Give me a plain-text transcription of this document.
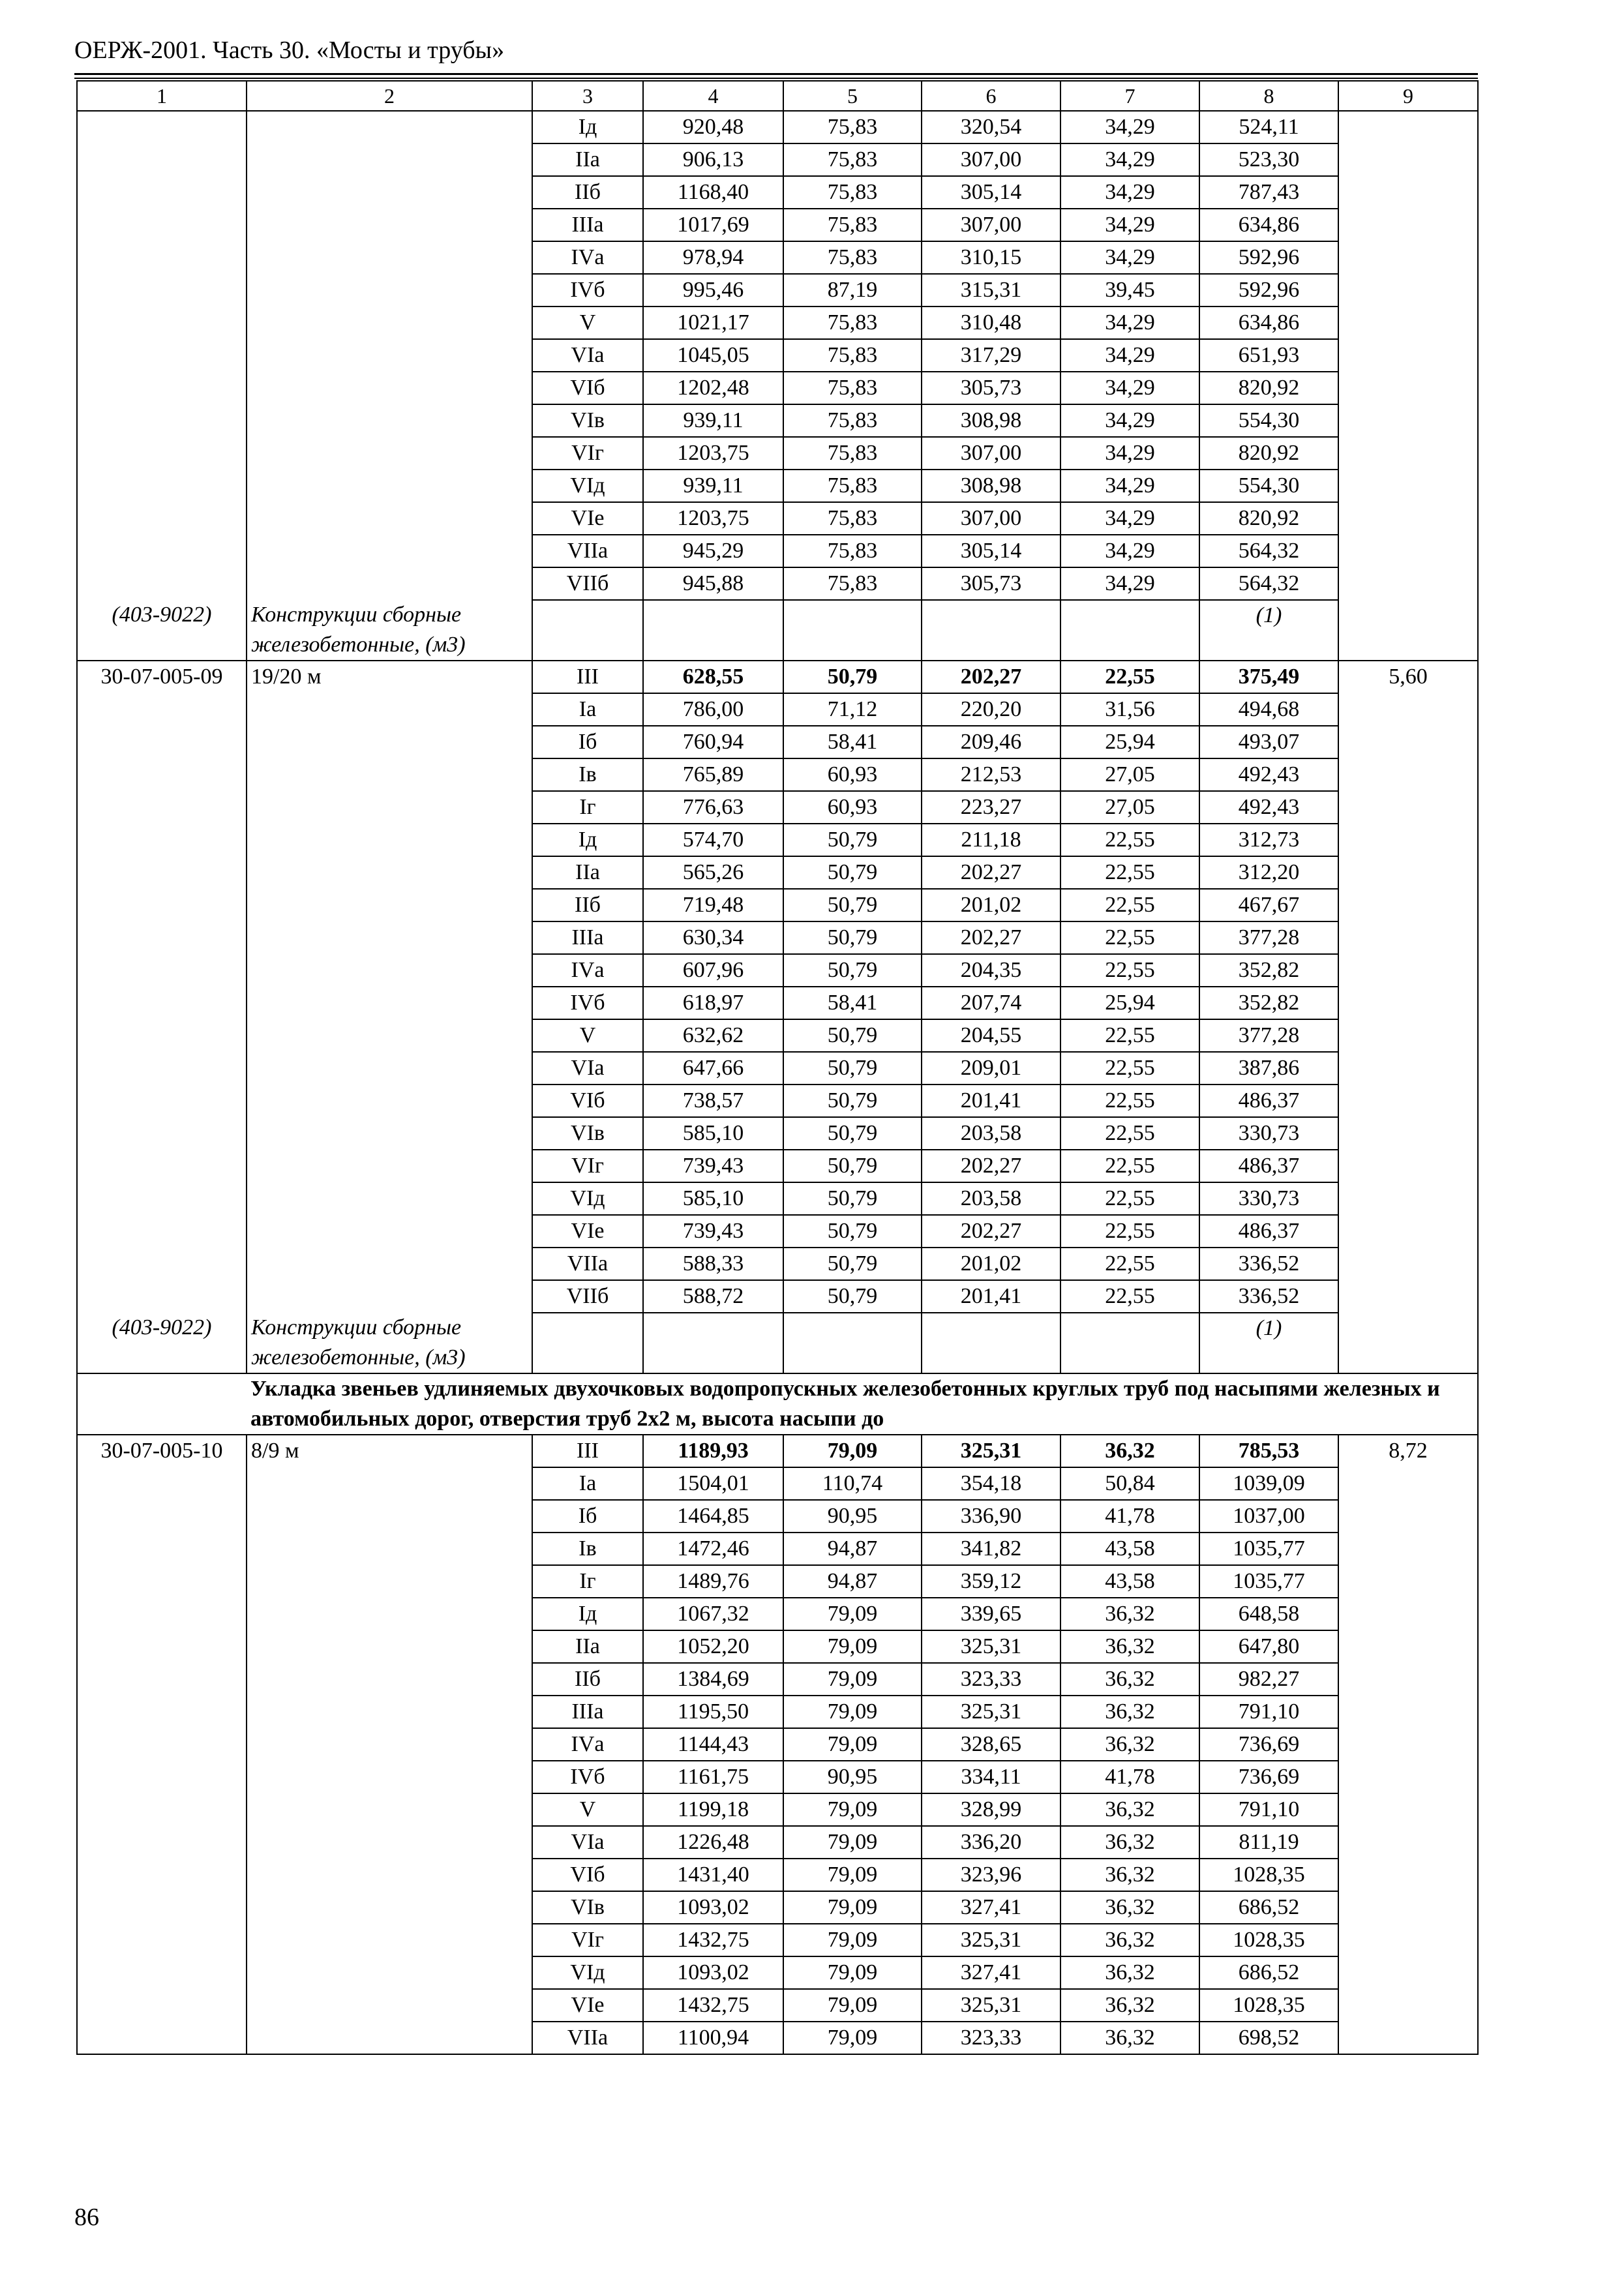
ОЕРЖ-2001. Часть 30. «Мосты и трубы»
1	2	3	4	5	6	7	8	9
		Iд	920,48	75,83	320,54	34,29	524,11	
		IIа	906,13	75,83	307,00	34,29	523,30	
		IIб	1168,40	75,83	305,14	34,29	787,43	
		IIIа	1017,69	75,83	307,00	34,29	634,86	
		IVа	978,94	75,83	310,15	34,29	592,96	
		IVб	995,46	87,19	315,31	39,45	592,96	
		V	1021,17	75,83	310,48	34,29	634,86	
		VIа	1045,05	75,83	317,29	34,29	651,93	
		VIб	1202,48	75,83	305,73	34,29	820,92	
		VIв	939,11	75,83	308,98	34,29	554,30	
		VIг	1203,75	75,83	307,00	34,29	820,92	
		VIд	939,11	75,83	308,98	34,29	554,30	
		VIе	1203,75	75,83	307,00	34,29	820,92	
		VIIа	945,29	75,83	305,14	34,29	564,32	
		VIIб	945,88	75,83	305,73	34,29	564,32	
(403-9022)	Конструкции сборные железобетонные, (м3)						(1)	
30-07-005-09	19/20 м	III	628,55	50,79	202,27	22,55	375,49	5,60
		Iа	786,00	71,12	220,20	31,56	494,68	
		Iб	760,94	58,41	209,46	25,94	493,07	
		Iв	765,89	60,93	212,53	27,05	492,43	
		Iг	776,63	60,93	223,27	27,05	492,43	
		Iд	574,70	50,79	211,18	22,55	312,73	
		IIа	565,26	50,79	202,27	22,55	312,20	
		IIб	719,48	50,79	201,02	22,55	467,67	
		IIIа	630,34	50,79	202,27	22,55	377,28	
		IVа	607,96	50,79	204,35	22,55	352,82	
		IVб	618,97	58,41	207,74	25,94	352,82	
		V	632,62	50,79	204,55	22,55	377,28	
		VIа	647,66	50,79	209,01	22,55	387,86	
		VIб	738,57	50,79	201,41	22,55	486,37	
		VIв	585,10	50,79	203,58	22,55	330,73	
		VIг	739,43	50,79	202,27	22,55	486,37	
		VIд	585,10	50,79	203,58	22,55	330,73	
		VIе	739,43	50,79	202,27	22,55	486,37	
		VIIа	588,33	50,79	201,02	22,55	336,52	
		VIIб	588,72	50,79	201,41	22,55	336,52	
(403-9022)	Конструкции сборные железобетонные, (м3)						(1)	
	Укладка звеньев удлиняемых двухочковых водопропускных железобетонных круглых труб под насыпями железных и автомобильных дорог, отверстия труб 2х2 м, высота насыпи до							
30-07-005-10	8/9 м	III	1189,93	79,09	325,31	36,32	785,53	8,72
		Iа	1504,01	110,74	354,18	50,84	1039,09	
		Iб	1464,85	90,95	336,90	41,78	1037,00	
		Iв	1472,46	94,87	341,82	43,58	1035,77	
		Iг	1489,76	94,87	359,12	43,58	1035,77	
		Iд	1067,32	79,09	339,65	36,32	648,58	
		IIа	1052,20	79,09	325,31	36,32	647,80	
		IIб	1384,69	79,09	323,33	36,32	982,27	
		IIIа	1195,50	79,09	325,31	36,32	791,10	
		IVа	1144,43	79,09	328,65	36,32	736,69	
		IVб	1161,75	90,95	334,11	41,78	736,69	
		V	1199,18	79,09	328,99	36,32	791,10	
		VIа	1226,48	79,09	336,20	36,32	811,19	
		VIб	1431,40	79,09	323,96	36,32	1028,35	
		VIв	1093,02	79,09	327,41	36,32	686,52	
		VIг	1432,75	79,09	325,31	36,32	1028,35	
		VIд	1093,02	79,09	327,41	36,32	686,52	
		VIе	1432,75	79,09	325,31	36,32	1028,35	
		VIIа	1100,94	79,09	323,33	36,32	698,52	
86
